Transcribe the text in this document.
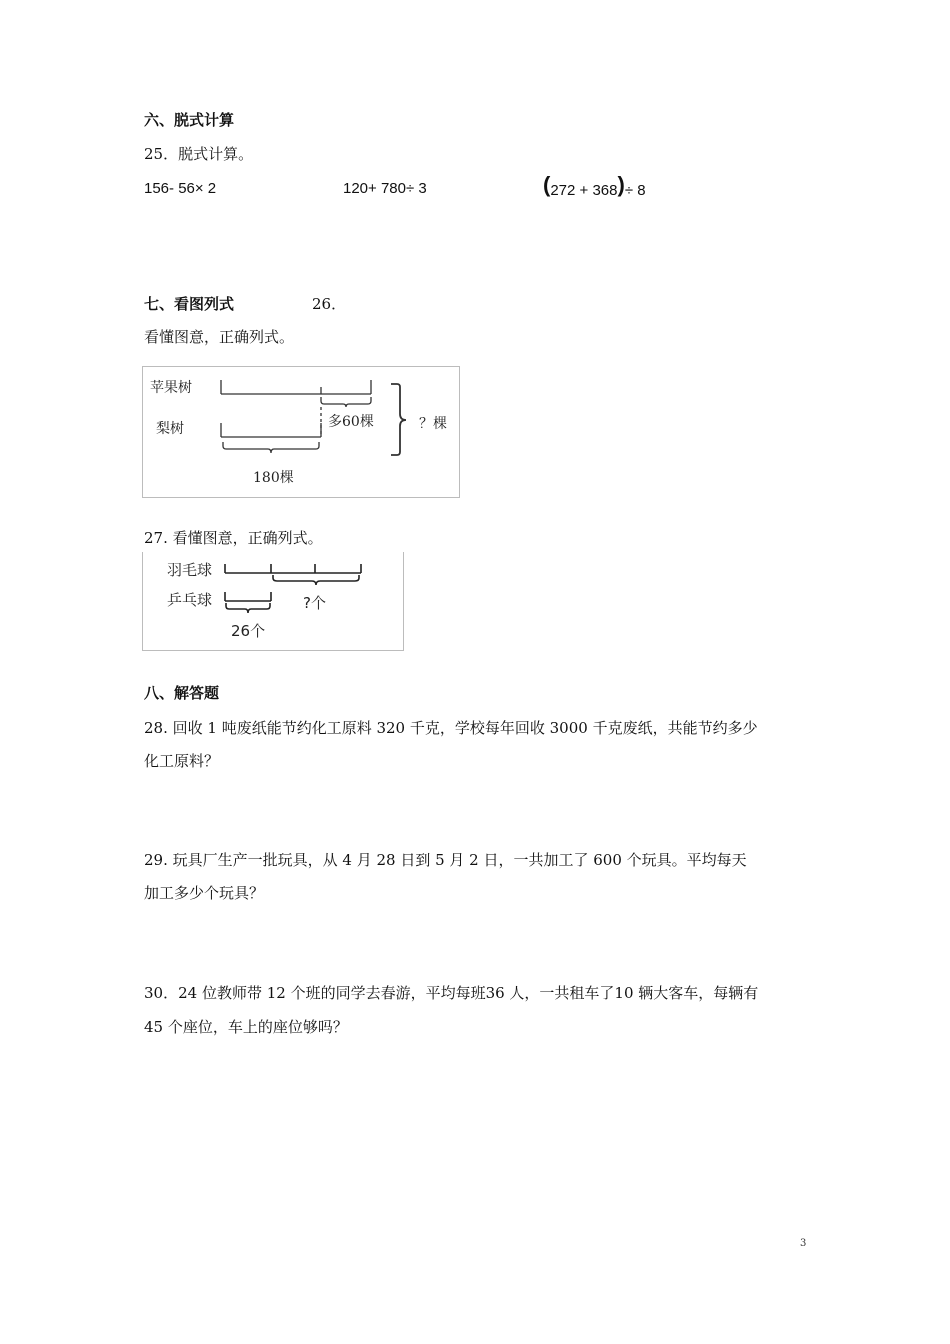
六、脱式计算
25．脱式计算。
156- 56× 2	120+ 780÷ 3	(272 + 368)÷ 8
七、看图列式	26．
看懂图意，正确列式。
苹果树
梨树	多60棵	？棵
180棵
27. 看懂图意，正确列式。
羽毛球
乒乓球	?个
26个
八、解答题
28. 回收 1 吨废纸能节约化工原料 320 千克，学校每年回收 3000 千克废纸，共能节约多少
化工原料？
29. 玩具厂生产一批玩具，从 4 月 28 日到 5 月 2 日，一共加工了 600 个玩具。平均每天
加工多少个玩具？
30．24 位教师带 12 个班的同学去春游，平均每班36 人，一共租车了10 辆大客车，每辆有
45 个座位，车上的座位够吗？
3
